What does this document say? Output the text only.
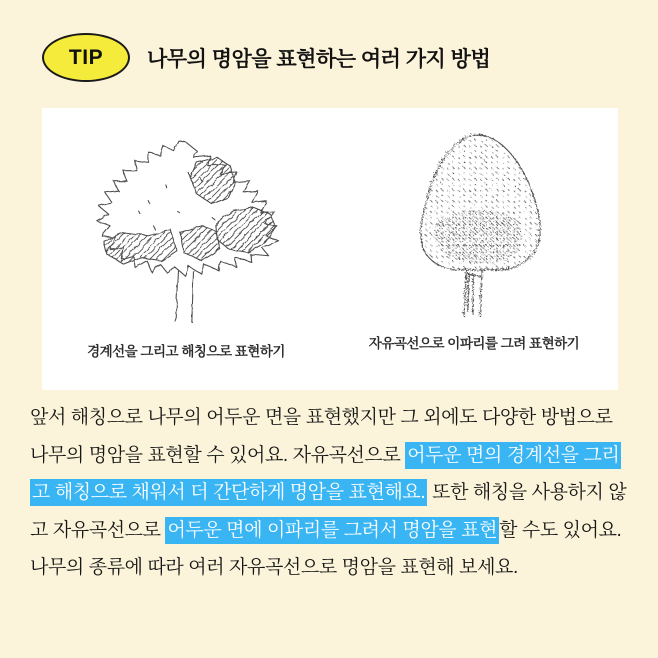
TIP 나무의 명암을 표현하는 여러 가지 방법
경계선을 그리고 해칭으로 표현하기
자유곡선으로 이파리를 그려 표현하기

앞서 해칭으로 나무의 어두운 면을 표현했지만 그 외에도 다양한 방법으로 나무의 명암을 표현할 수 있어요. 자유곡선으로 어두운 면의 경계선을 그리고 해칭으로 채워서 더 간단하게 명암을 표현해요. 또한 해칭을 사용하지 않고 자유곡선으로 어두운 면에 이파리를 그려서 명암을 표현 할 수도 있어요. 나무의 종류에 따라 여러 자유곡선으로 명암을 표현해 보세요.
